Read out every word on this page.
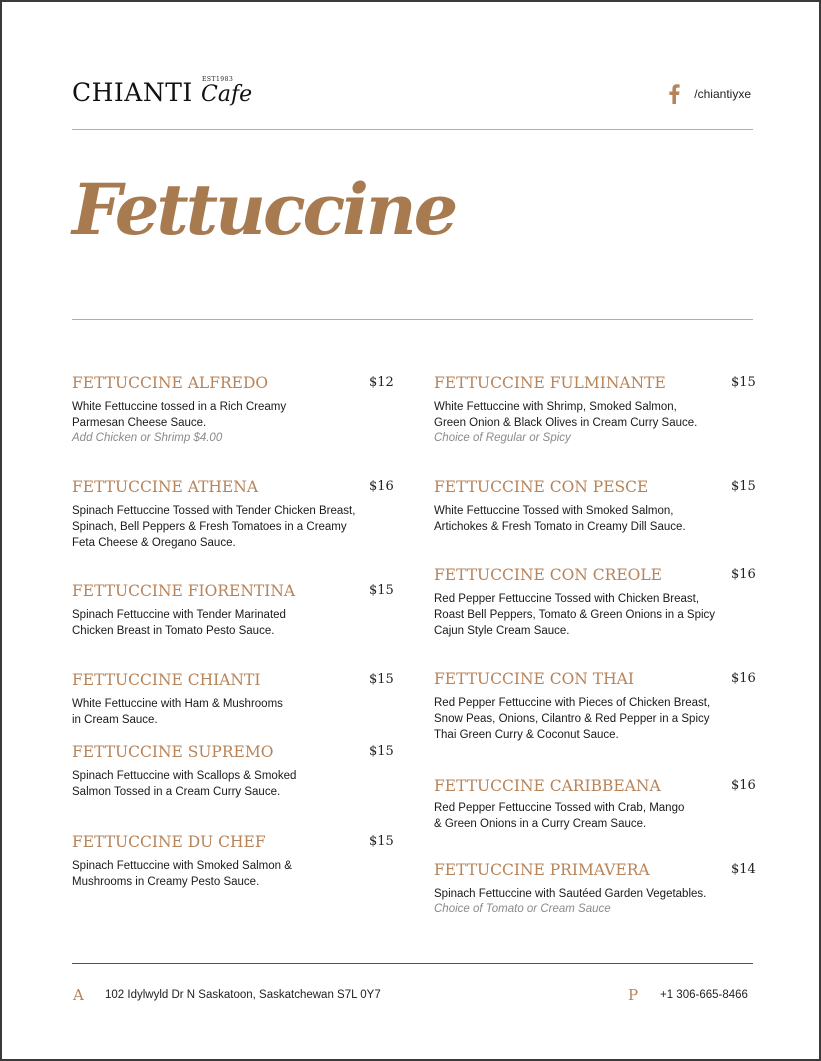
CHIANTI EST1983
Cafe	/chiantiyxe
Fettuccine
FETTUCCINE ALFREDO	$12
White Fettuccine tossed in a Rich Creamy
Parmesan Cheese Sauce.
Add Chicken or Shrimp $4.00
FETTUCCINE ATHENA	$16
Spinach Fettuccine Tossed with Tender Chicken Breast,
Spinach, Bell Peppers & Fresh Tomatoes in a Creamy
Feta Cheese & Oregano Sauce.
FETTUCCINE FIORENTINA	$15
Spinach Fettuccine with Tender Marinated
Chicken Breast in Tomato Pesto Sauce.
FETTUCCINE CHIANTI	$15
White Fettuccine with Ham & Mushrooms
in Cream Sauce.
FETTUCCINE SUPREMO	$15
Spinach Fettuccine with Scallops & Smoked
Salmon Tossed in a Cream Curry Sauce.
FETTUCCINE DU CHEF	$15
Spinach Fettuccine with Smoked Salmon &
Mushrooms in Creamy Pesto Sauce.
FETTUCCINE FULMINANTE	$15
White Fettuccine with Shrimp, Smoked Salmon,
Green Onion & Black Olives in Cream Curry Sauce.
Choice of Regular or Spicy
FETTUCCINE CON PESCE	$15
White Fettuccine Tossed with Smoked Salmon,
Artichokes & Fresh Tomato in Creamy Dill Sauce.
FETTUCCINE CON CREOLE	$16
Red Pepper Fettuccine Tossed with Chicken Breast,
Roast Bell Peppers, Tomato & Green Onions in a Spicy
Cajun Style Cream Sauce.
FETTUCCINE CON THAI	$16
Red Pepper Fettuccine with Pieces of Chicken Breast,
Snow Peas, Onions, Cilantro & Red Pepper in a Spicy
Thai Green Curry & Coconut Sauce.
FETTUCCINE CARIBBEANA	$16
Red Pepper Fettuccine Tossed with Crab, Mango
& Green Onions in a Curry Cream Sauce.
FETTUCCINE PRIMAVERA	$14
Spinach Fettuccine with Sautéed Garden Vegetables.
Choice of Tomato or Cream Sauce
A 102 Idylwyld Dr N Saskatoon, Saskatchewan S7L 0Y7	P +1 306-665-8466
